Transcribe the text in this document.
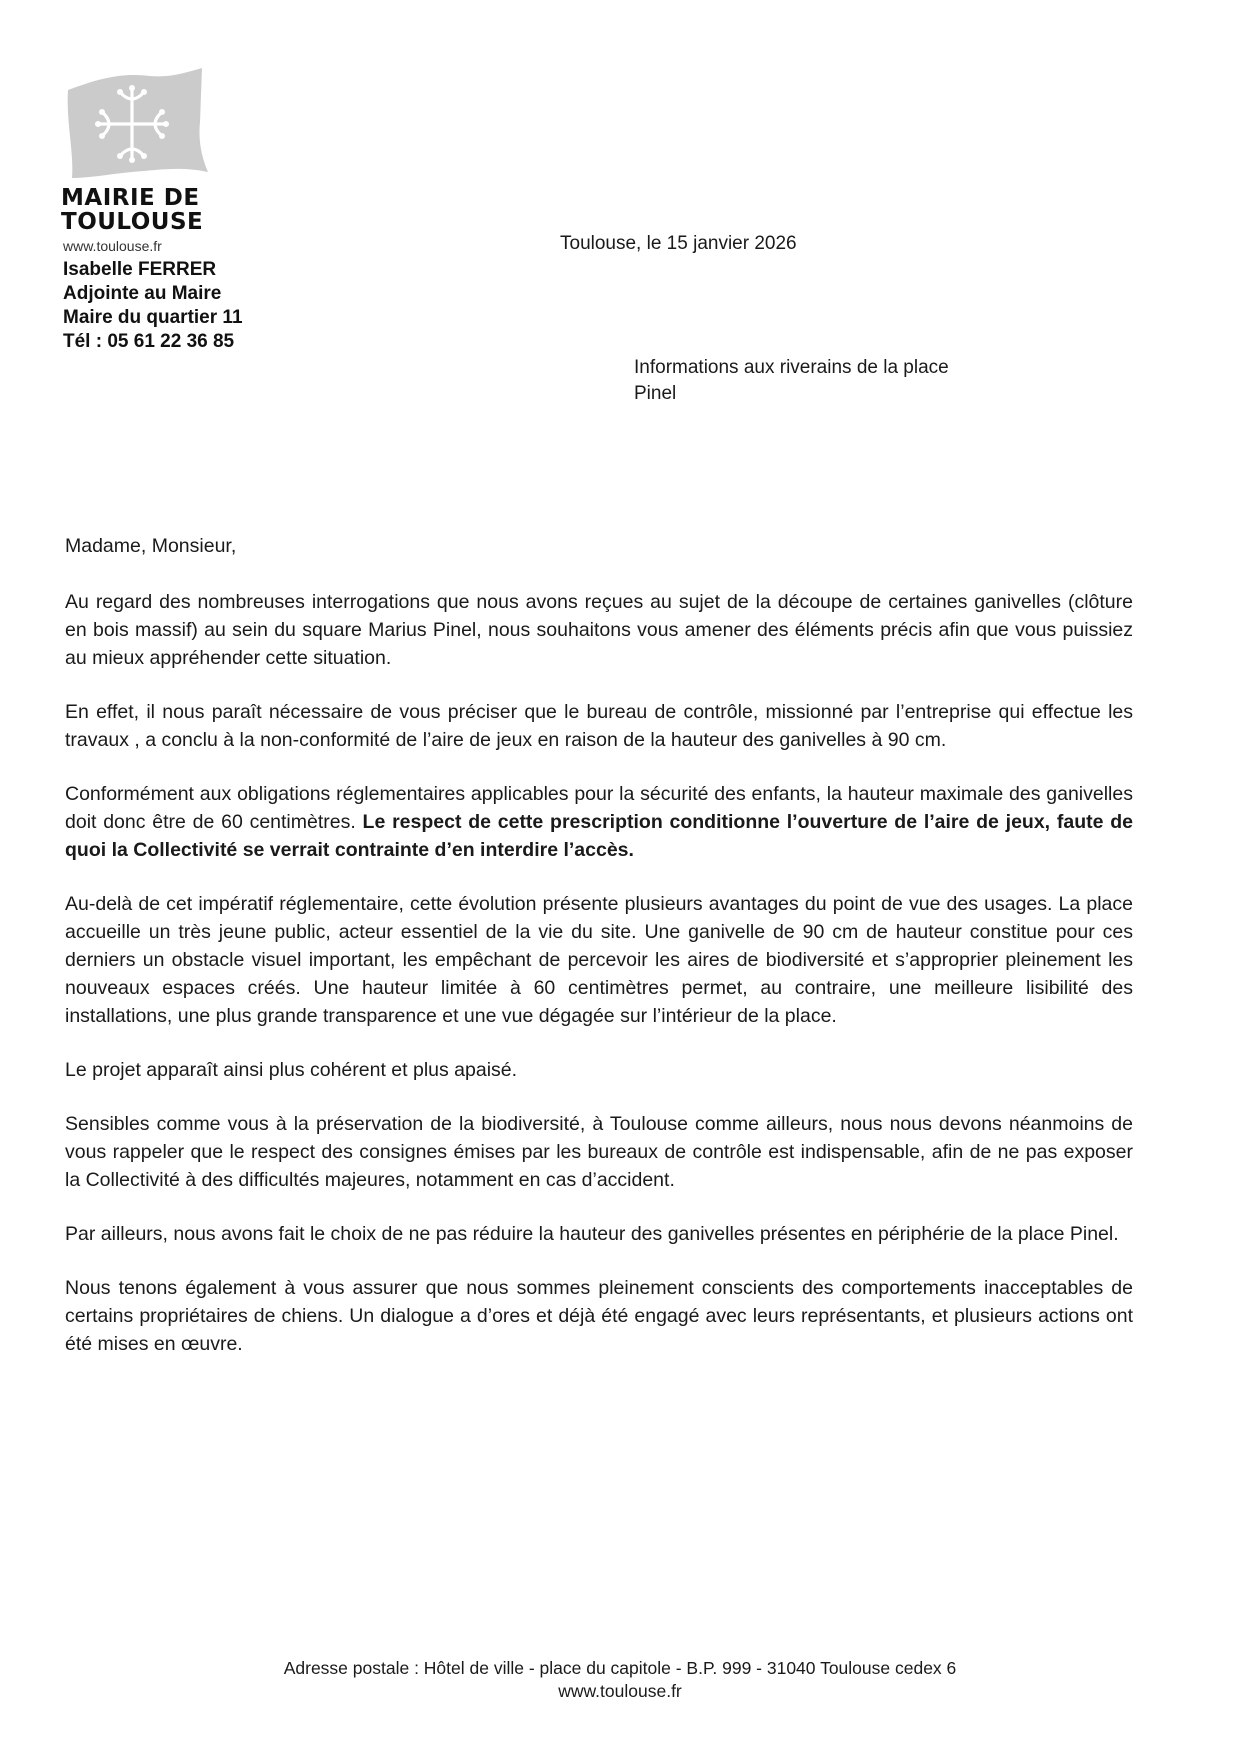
MAIRIE DE
TOULOUSE
www.toulouse.fr
Isabelle FERRER
Adjointe au Maire
Maire du quartier 11
Tél : 05 61 22 36 85
Toulouse, le 15 janvier 2026
Informations aux riverains de la place
Pinel

Madame, Monsieur,

Au regard des nombreuses interrogations que nous avons reçues au sujet de la découpe de certaines ganivelles (clôture en bois massif) au sein du square Marius Pinel, nous souhaitons vous amener des éléments précis afin que vous puissiez au mieux appréhender cette situation.

En effet, il nous paraît nécessaire de vous préciser que le bureau de contrôle, missionné par l’entreprise qui effectue les travaux , a conclu à la non-conformité de l’aire de jeux en raison de la hauteur des ganivelles à 90 cm.

Conformément aux obligations réglementaires applicables pour la sécurité des enfants, la hauteur maximale des ganivelles doit donc être de 60 centimètres. Le respect de cette prescription conditionne l’ouverture de l’aire de jeux, faute de quoi la Collectivité se verrait contrainte d’en interdire l’accès.

Au-delà de cet impératif réglementaire, cette évolution présente plusieurs avantages du point de vue des usages. La place accueille un très jeune public, acteur essentiel de la vie du site. Une ganivelle de 90 cm de hauteur constitue pour ces derniers un obstacle visuel important, les empêchant de percevoir les aires de biodiversité et s’approprier pleinement les nouveaux espaces créés. Une hauteur limitée à 60 centimètres permet, au contraire, une meilleure lisibilité des installations, une plus grande transparence et une vue dégagée sur l’intérieur de la place.

Le projet apparaît ainsi plus cohérent et plus apaisé.

Sensibles comme vous à la préservation de la biodiversité, à Toulouse comme ailleurs, nous nous devons néanmoins de vous rappeler que le respect des consignes émises par les bureaux de contrôle est indispensable, afin de ne pas exposer la Collectivité à des difficultés majeures, notamment en cas d’accident.

Par ailleurs, nous avons fait le choix de ne pas réduire la hauteur des ganivelles présentes en périphérie de la place Pinel.

Nous tenons également à vous assurer que nous sommes pleinement conscients des comportements inacceptables de certains propriétaires de chiens. Un dialogue a d’ores et déjà été engagé avec leurs représentants, et plusieurs actions ont été mises en œuvre.

Adresse postale : Hôtel de ville - place du capitole - B.P. 999 - 31040 Toulouse cedex 6
www.toulouse.fr
